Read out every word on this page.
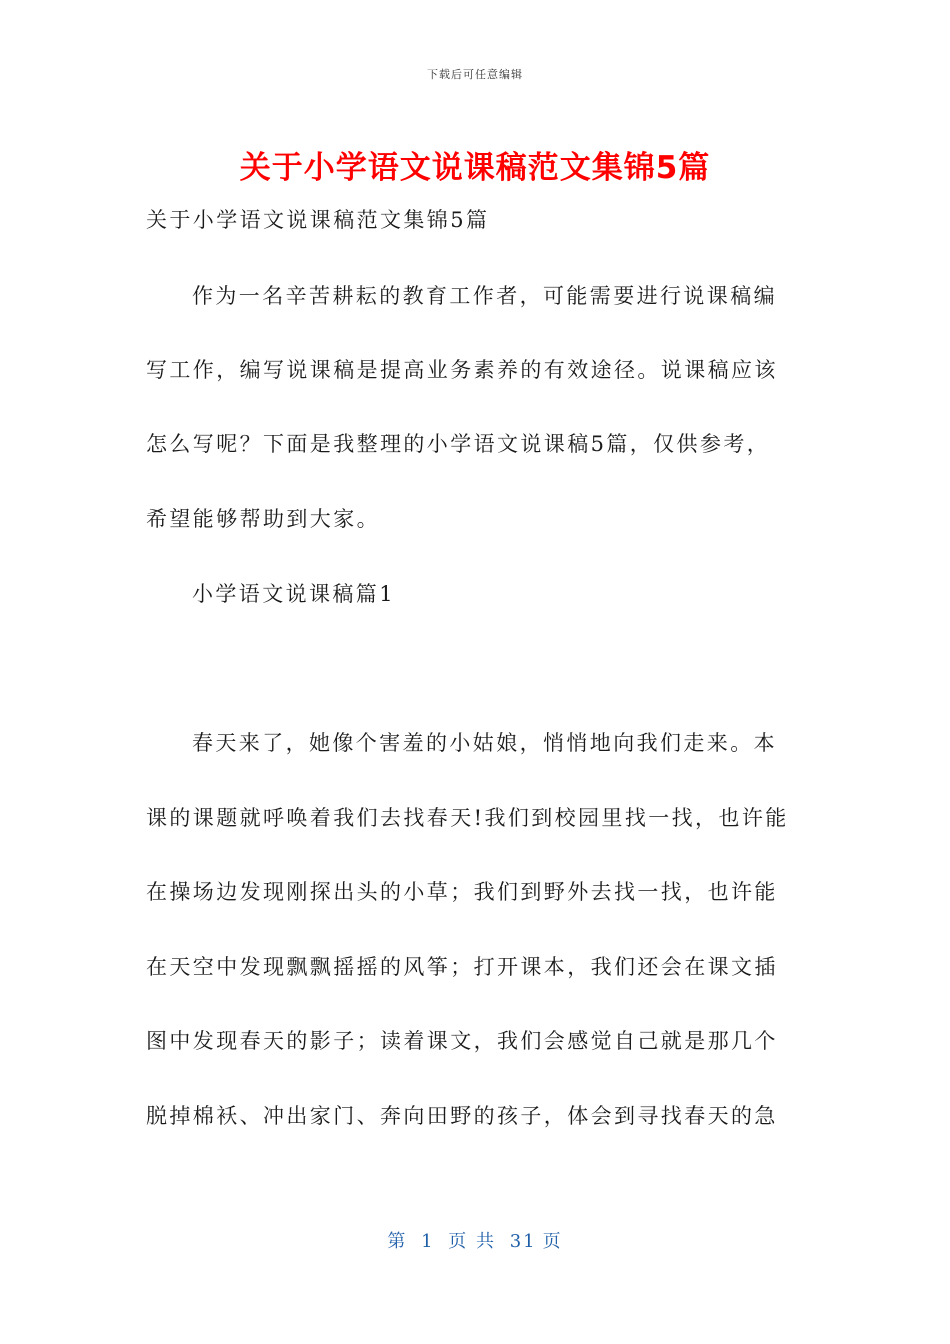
下载后可任意编辑
关于小学语文说课稿范文集锦5篇

关于小学语文说课稿范文集锦5篇

作为一名辛苦耕耘的教育工作者，可能需要进行说课稿编

写工作，编写说课稿是提高业务素养的有效途径。说课稿应该

怎么写呢？下面是我整理的小学语文说课稿5篇，仅供参考，

希望能够帮助到大家。

小学语文说课稿篇1

春天来了，她像个害羞的小姑娘，悄悄地向我们走来。本

课的课题就呼唤着我们去找春天!我们到校园里找一找，也许能

在操场边发现刚探出头的小草；我们到野外去找一找，也许能

在天空中发现飘飘摇摇的风筝；打开课本，我们还会在课文插

图中发现春天的影子；读着课文，我们会感觉自己就是那几个

脱掉棉袄、冲出家门、奔向田野的孩子，体会到寻找春天的急

第 1 页 共 31 页
